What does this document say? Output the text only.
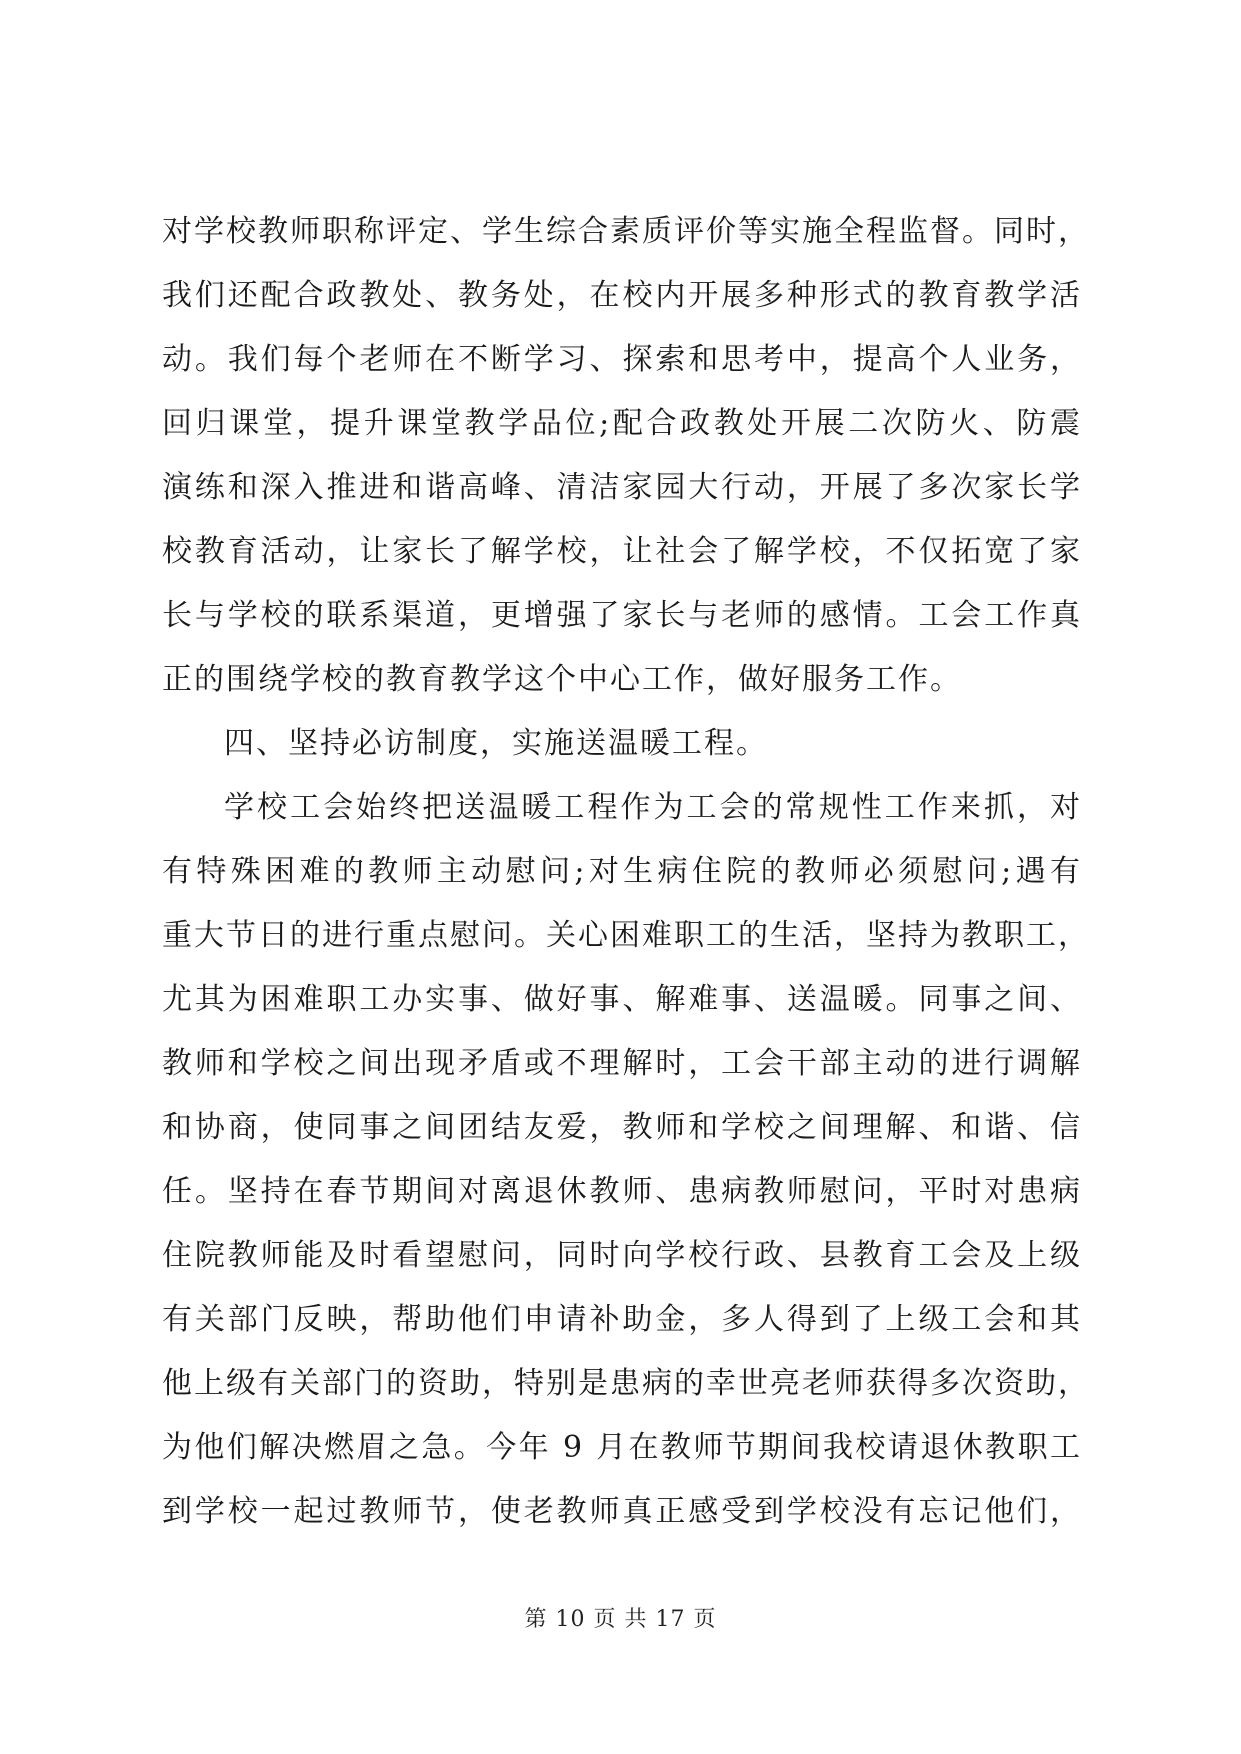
对学校教师职称评定、学生综合素质评价等实施全程监督。同时，
我们还配合政教处、教务处，在校内开展多种形式的教育教学活
动。我们每个老师在不断学习、探索和思考中，提高个人业务，
回归课堂，提升课堂教学品位;配合政教处开展二次防火、防震
演练和深入推进和谐高峰、清洁家园大行动，开展了多次家长学
校教育活动，让家长了解学校，让社会了解学校，不仅拓宽了家
长与学校的联系渠道，更增强了家长与老师的感情。工会工作真
正的围绕学校的教育教学这个中心工作，做好服务工作。
四、坚持必访制度，实施送温暖工程。
学校工会始终把送温暖工程作为工会的常规性工作来抓，对
有特殊困难的教师主动慰问;对生病住院的教师必须慰问;遇有
重大节日的进行重点慰问。关心困难职工的生活，坚持为教职工，
尤其为困难职工办实事、做好事、解难事、送温暖。同事之间、
教师和学校之间出现矛盾或不理解时，工会干部主动的进行调解
和协商，使同事之间团结友爱，教师和学校之间理解、和谐、信
任。坚持在春节期间对离退休教师、患病教师慰问，平时对患病
住院教师能及时看望慰问，同时向学校行政、县教育工会及上级
有关部门反映，帮助他们申请补助金，多人得到了上级工会和其
他上级有关部门的资助，特别是患病的幸世亮老师获得多次资助，
为他们解决燃眉之急。今年 9 月在教师节期间我校请退休教职工
到学校一起过教师节，使老教师真正感受到学校没有忘记他们，
第 10 页 共 17 页
